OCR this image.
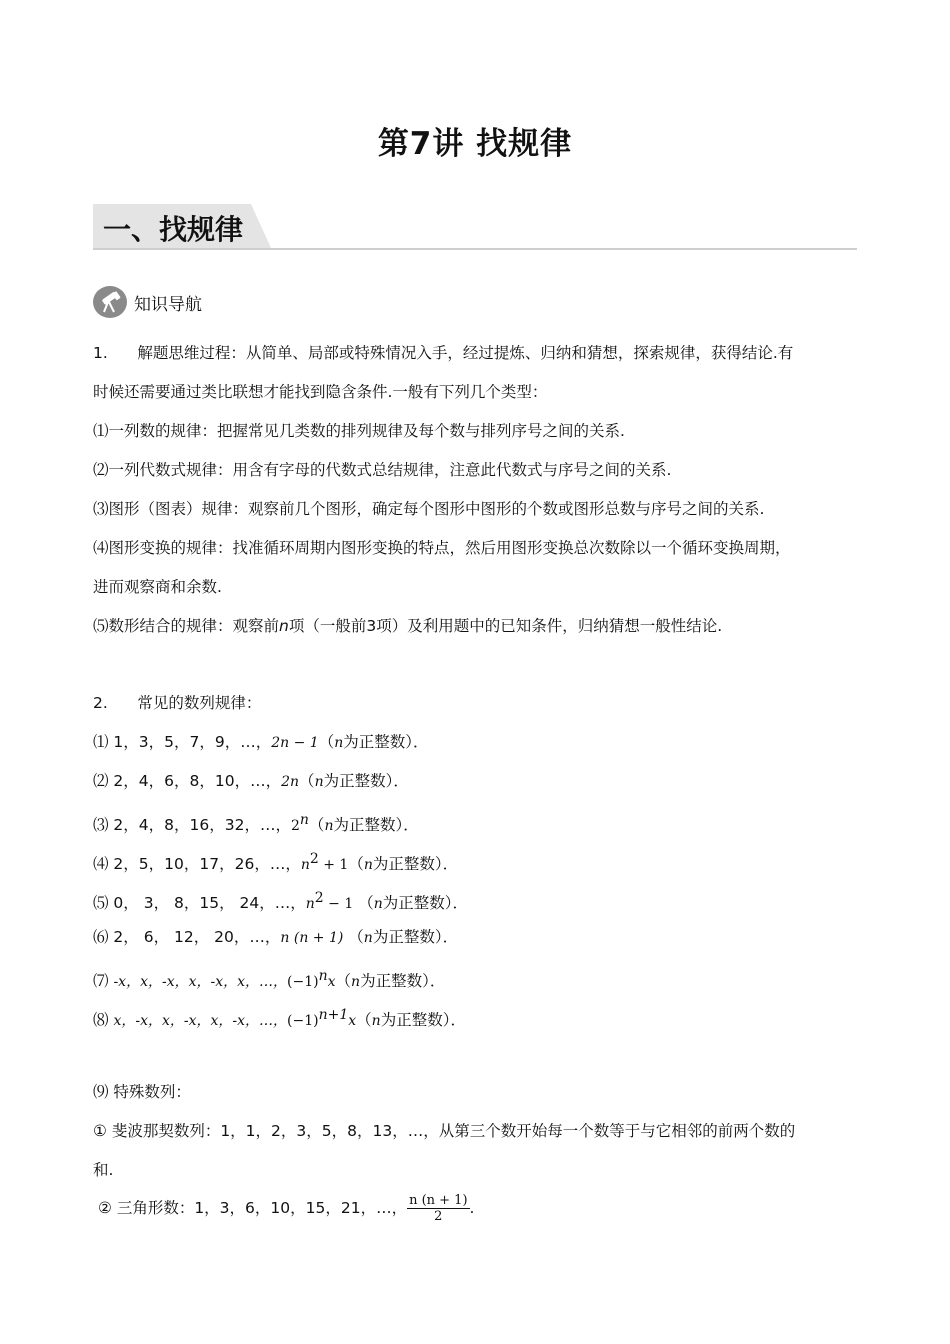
第7讲 找规律
一、找规律
知识导航
1.      解题思维过程：从简单、局部或特殊情况入手，经过提炼、归纳和猜想，探索规律，获得结论.有
时候还需要通过类比联想才能找到隐含条件.一般有下列几个类型：
⑴一列数的规律：把握常见几类数的排列规律及每个数与排列序号之间的关系.
⑵一列代数式规律：用含有字母的代数式总结规律，注意此代数式与序号之间的关系.
⑶图形（图表）规律：观察前几个图形，确定每个图形中图形的个数或图形总数与序号之间的关系.
⑷图形变换的规律：找准循环周期内图形变换的特点，然后用图形变换总次数除以一个循环变换周期，
进而观察商和余数.
⑸数形结合的规律：观察前n项（一般前3项）及利用题中的已知条件，归纳猜想一般性结论.
2.      常见的数列规律：
⑴ 1，3，5，7，9，…，2n − 1（n为正整数）．
⑵ 2，4，6，8，10，…，2n（n为正整数）．
⑶ 2，4，8，16，32，…，2$^n$（n为正整数）．
⑷ 2，5，10，17，26，…，$n^2 + 1(n$为正整数）．
⑸ 0， 3， 8，15， 24，…，$n^2 - 1$ （n为正整数）．
⑹ 2， 6， 12， 20，…，n (n + 1) （n为正整数）．
⑺ -x，x，-x，x，-x，x，…，$(-1)^nx(n$为正整数）．
⑻ x，-x，x，-x，x，-x，…，$(-1)^{n+1}x(n$为正整数）．
⑼ 特殊数列：
① 斐波那契数列：1，1，2，3，5，8，13，…，从第三个数开始每一个数等于与它相邻的前两个数的
和.
② 三角形数：1，3，6，10，15，21，…， $\frac{n (n + 1)}{2}$ .
